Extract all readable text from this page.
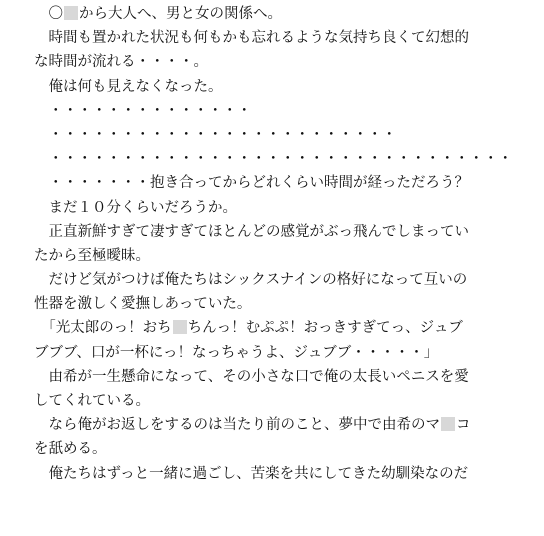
　〇 から大人へ、男と女の関係へ。
　時間も置かれた状況も何もかも忘れるような気持ち良くて幻想的
な時間が流れる・・・・。
　俺は何も見えなくなった。
　・・・・・・・・・・・・・・
　・・・・・・・・・・・・・・・・・・・・・・・・
　・・・・・・・・・・・・・・・・・・・・・・・・・・・・・・・・
　・・・・・・・抱き合ってからどれくらい時間が経っただろう？
　まだ１０分くらいだろうか。
　正直新鮮すぎて凄すぎてほとんどの感覚がぶっ飛んでしまってい
たから至極曖昧。
　だけど気がつけば俺たちはシックスナインの格好になって互いの
性器を激しく愛撫しあっていた。
　「光太郎のっ！おち ちんっ！むぷぷ！おっきすぎてっ、ジュブ
ブブブ、口が一杯にっ！なっちゃうよ、ジュブブ・・・・・」
　由希が一生懸命になって、その小さな口で俺の太長いペニスを愛
してくれている。
　なら俺がお返しをするのは当たり前のこと、夢中で由希のマ コ
を舐める。
　俺たちはずっと一緒に過ごし、苦楽を共にしてきた幼馴染なのだ
